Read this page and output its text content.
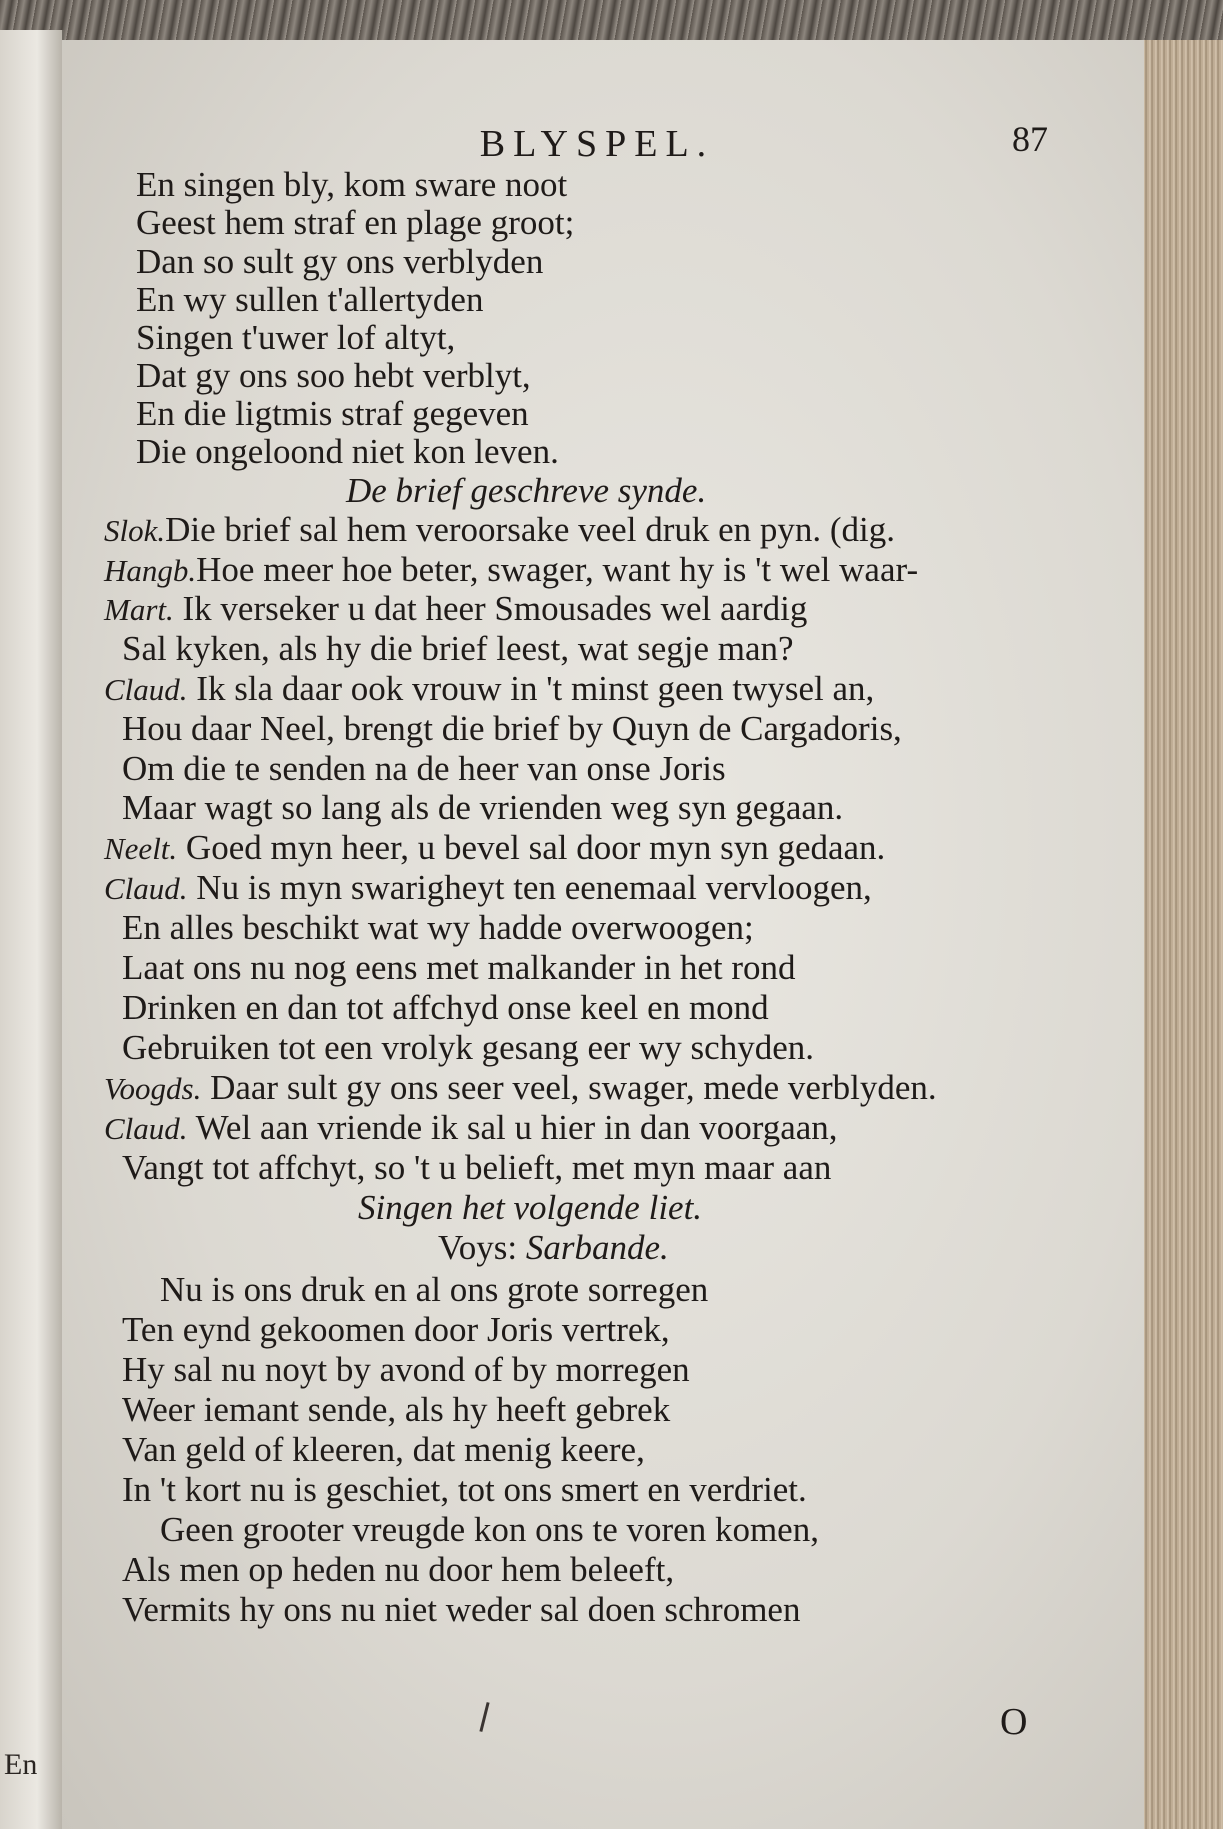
En
BLYSPEL.	87
En singen bly, kom sware noot
Geest hem straf en plage groot;
Dan so sult gy ons verblyden
En wy sullen t'allertyden
Singen t'uwer lof altyt,
Dat gy ons soo hebt verblyt,
En die ligtmis straf gegeven
Die ongeloond niet kon leven.
De brief geschreve synde.
Slok.Die brief sal hem veroorsake veel druk en pyn. (dig.
Hangb.Hoe meer hoe beter, swager, want hy is 't wel waar-
Mart. Ik verseker u dat heer Smousades wel aardig
Sal kyken, als hy die brief leest, wat segje man?
Claud. Ik sla daar ook vrouw in 't minst geen twysel an,
Hou daar Neel, brengt die brief by Quyn de Cargadoris,
Om die te senden na de heer van onse Joris
Maar wagt so lang als de vrienden weg syn gegaan.
Neelt. Goed myn heer, u bevel sal door myn syn gedaan.
Claud. Nu is myn swarigheyt ten eenemaal vervloogen,
En alles beschikt wat wy hadde overwoogen;
Laat ons nu nog eens met malkander in het rond
Drinken en dan tot affchyd onse keel en mond
Gebruiken tot een vrolyk gesang eer wy schyden.
Voogds. Daar sult gy ons seer veel, swager, mede verblyden.
Claud. Wel aan vriende ik sal u hier in dan voorgaan,
Vangt tot affchyt, so 't u belieft, met myn maar aan
Singen het volgende liet.
Voys: Sarbande.
Nu is ons druk en al ons grote sorregen
Ten eynd gekoomen door Joris vertrek,
Hy sal nu noyt by avond of by morregen
Weer iemant sende, als hy heeft gebrek
Van geld of kleeren, dat menig keere,
In 't kort nu is geschiet, tot ons smert en verdriet.
Geen grooter vreugde kon ons te voren komen,
Als men op heden nu door hem beleeft,
Vermits hy ons nu niet weder sal doen schromen
O
